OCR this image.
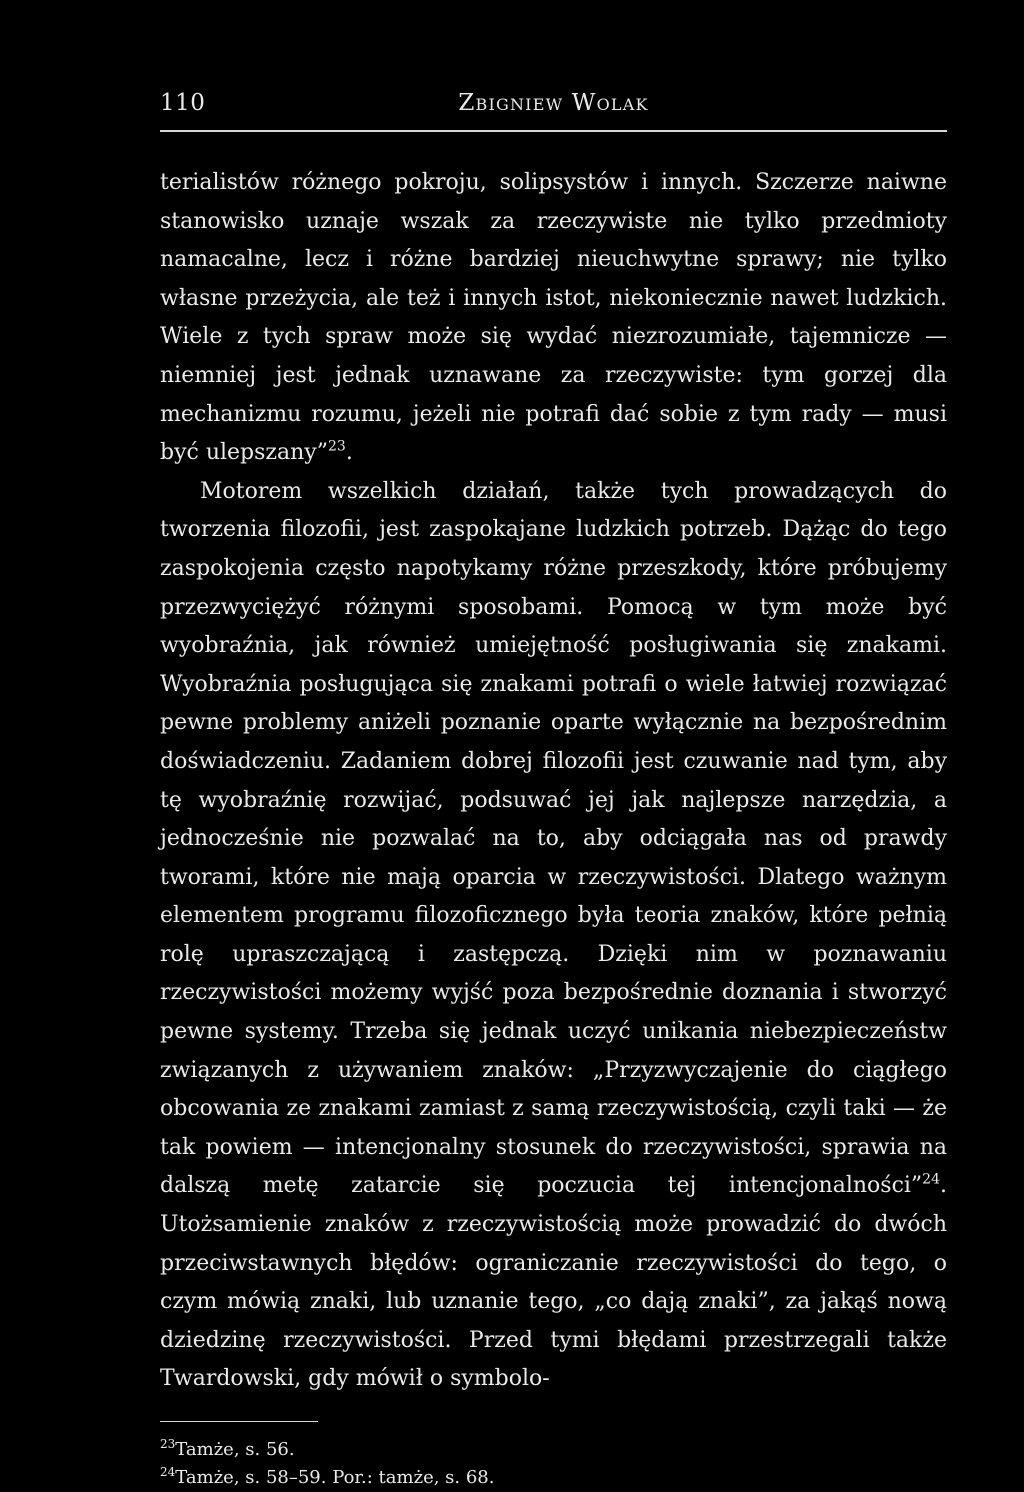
110	Zbigniew Wolak

terialistów różnego pokroju, solipsystów i innych. Szczerze naiwne stanowisko uznaje wszak za rzeczywiste nie tylko przedmioty namacalne, lecz i różne bardziej nieuchwytne sprawy; nie tylko własne przeżycia, ale też i innych istot, niekoniecznie nawet ludzkich. Wiele z tych spraw może się wydać niezrozumiałe, tajemnicze — niemniej jest jednak uznawane za rzeczywiste: tym gorzej dla mechanizmu rozumu, jeżeli nie potrafi dać sobie z tym rady — musi być ulepszany”$^{23}$.

Motorem wszelkich działań, także tych prowadzących do tworzenia filozofii, jest zaspokajane ludzkich potrzeb. Dążąc do tego zaspokojenia często napotykamy różne przeszkody, które próbujemy przezwyciężyć różnymi sposobami. Pomocą w tym może być wyobraźnia, jak również umiejętność posługiwania się znakami. Wyobraźnia posługująca się znakami potrafi o wiele łatwiej rozwiązać pewne problemy aniżeli poznanie oparte wyłącznie na bezpośrednim doświadczeniu. Zadaniem dobrej filozofii jest czuwanie nad tym, aby tę wyobraźnię rozwijać, podsuwać jej jak najlepsze narzędzia, a jednocześnie nie pozwalać na to, aby odciągała nas od prawdy tworami, które nie mają oparcia w rzeczywistości. Dlatego ważnym elementem programu filozoficznego była teoria znaków, które pełnią rolę upraszczającą i zastępczą. Dzięki nim w poznawaniu rzeczywistości możemy wyjść poza bezpośrednie doznania i stworzyć pewne systemy. Trzeba się jednak uczyć unikania niebezpieczeństw związanych z używaniem znaków: „Przyzwyczajenie do ciągłego obcowania ze znakami zamiast z samą rzeczywistością, czyli taki — że tak powiem — intencjonalny stosunek do rzeczywistości, sprawia na dalszą metę zatarcie się poczucia tej intencjonalności”$^{24}$. Utożsamienie znaków z rzeczywistością może prowadzić do dwóch przeciwstawnych błędów: ograniczanie rzeczywistości do tego, o czym mówią znaki, lub uznanie tego, „co dają znaki”, za jakąś nową dziedzinę rzeczywistości. Przed tymi błędami przestrzegali także Twardowski, gdy mówił o symbolo-

$^{23}$Tamże, s. 56.
$^{24}$Tamże, s. 58–59. Por.: tamże, s. 68.
